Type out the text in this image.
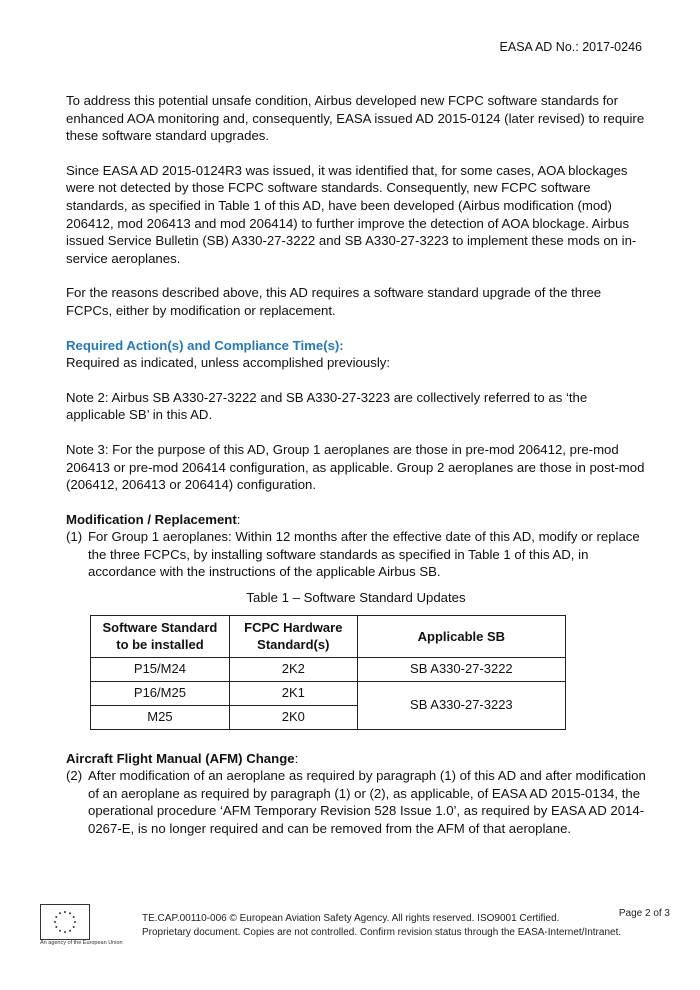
EASA AD No.: 2017-0246

To address this potential unsafe condition, Airbus developed new FCPC software standards for enhanced AOA monitoring and, consequently, EASA issued AD 2015-0124 (later revised) to require these software standard upgrades.

Since EASA AD 2015-0124R3 was issued, it was identified that, for some cases, AOA blockages were not detected by those FCPC software standards. Consequently, new FCPC software standards, as specified in Table 1 of this AD, have been developed (Airbus modification (mod) 206412, mod 206413 and mod 206414) to further improve the detection of AOA blockage. Airbus issued Service Bulletin (SB) A330-27-3222 and SB A330-27-3223 to implement these mods on in-service aeroplanes.

For the reasons described above, this AD requires a software standard upgrade of the three FCPCs, either by modification or replacement.

Required Action(s) and Compliance Time(s):

Required as indicated, unless accomplished previously:

Note 2: Airbus SB A330-27-3222 and SB A330-27-3223 are collectively referred to as ‘the applicable SB’ in this AD.

Note 3: For the purpose of this AD, Group 1 aeroplanes are those in pre-mod 206412, pre-mod 206413 or pre-mod 206414 configuration, as applicable. Group 2 aeroplanes are those in post-mod (206412, 206413 or 206414) configuration.

Modification / Replacement:
(1) For Group 1 aeroplanes: Within 12 months after the effective date of this AD, modify or replace the three FCPCs, by installing software standards as specified in Table 1 of this AD, in accordance with the instructions of the applicable Airbus SB.
Table 1 – Software Standard Updates
Software Standard to be installed	FCPC Hardware Standard(s)	Applicable SB
P15/M24	2K2	SB A330-27-3222
P16/M25	2K1	SB A330-27-3223
M25	2K0	
Aircraft Flight Manual (AFM) Change:
(2) After modification of an aeroplane as required by paragraph (1) of this AD and after modification of an aeroplane as required by paragraph (1) or (2), as applicable, of EASA AD 2015-0134, the operational procedure ‘AFM Temporary Revision 528 Issue 1.0’, as required by EASA AD 2014-0267-E, is no longer required and can be removed from the AFM of that aeroplane.
An agency of the European Union
TE.CAP.00110-006 © European Aviation Safety Agency. All rights reserved. ISO9001 Certified.
Proprietary document. Copies are not controlled. Confirm revision status through the EASA-Internet/Intranet.
Page 2 of 3
